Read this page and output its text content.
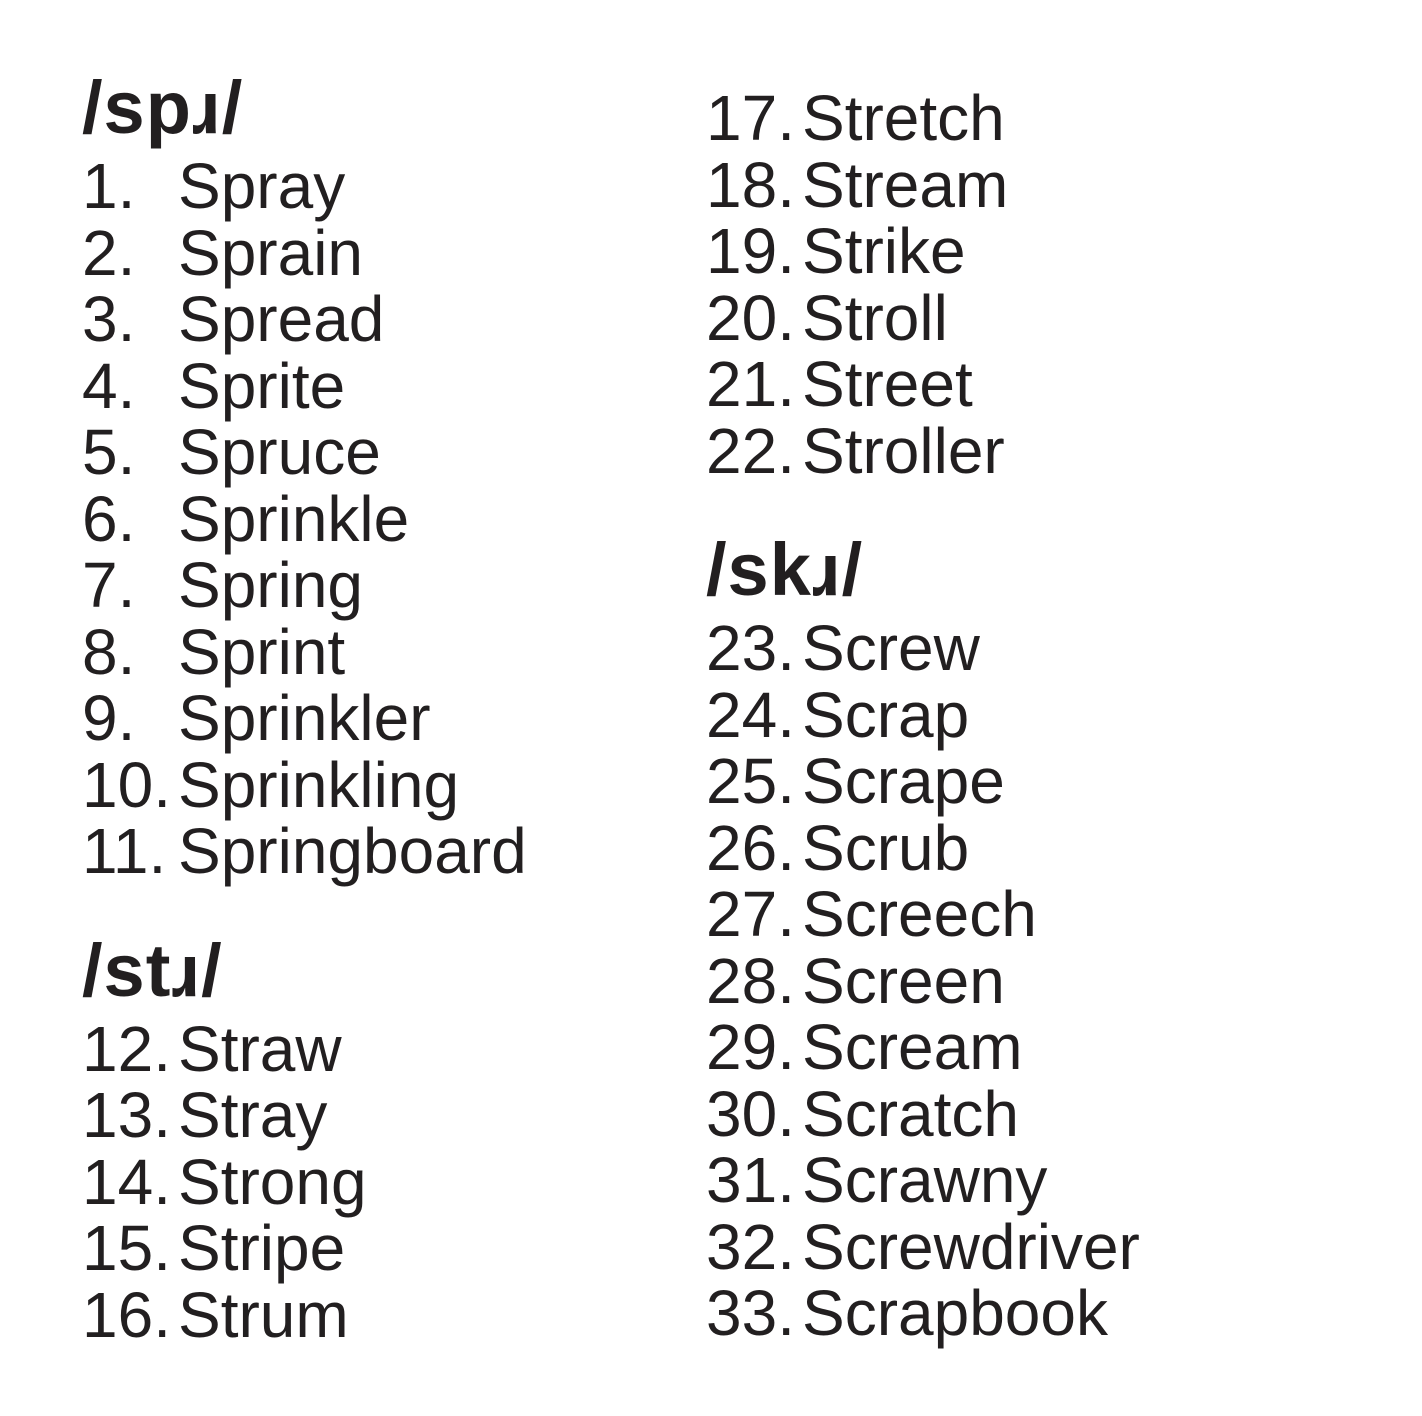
/spɹ/
1. Spray
2. Sprain
3. Spread
4. Sprite
5. Spruce
6. Sprinkle
7. Spring
8. Sprint
9. Sprinkler
10. Sprinkling
11. Springboard
/stɹ/
12. Straw
13. Stray
14. Strong
15. Stripe
16. Strum
17. Stretch
18. Stream
19. Strike
20. Stroll
21. Street
22. Stroller
/skɹ/
23. Screw
24. Scrap
25. Scrape
26. Scrub
27. Screech
28. Screen
29. Scream
30. Scratch
31. Scrawny
32. Screwdriver
33. Scrapbook
